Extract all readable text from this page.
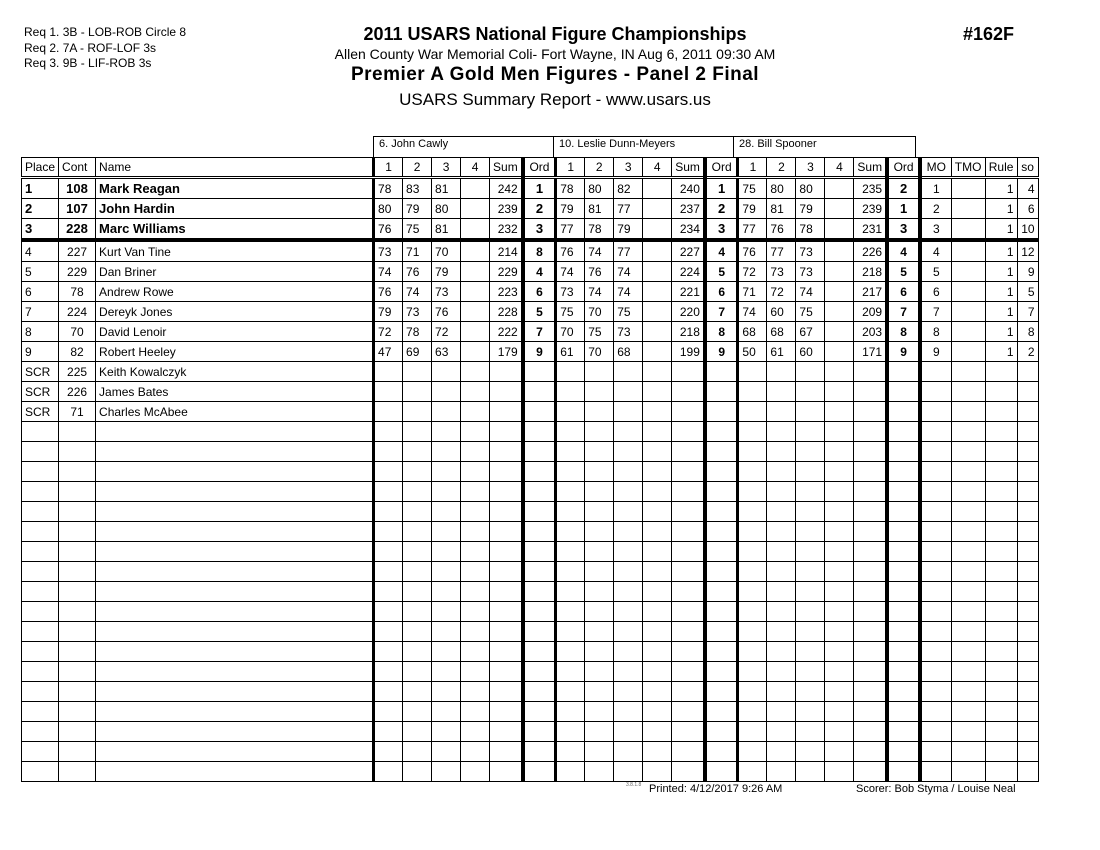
Req 1. 3B - LOB-ROB Circle 8
Req 2. 7A - ROF-LOF 3s
Req 3. 9B - LIF-ROB 3s
2011 USARS National Figure Championships
Allen County War Memorial Coli- Fort Wayne, IN Aug 6, 2011 09:30 AM
Premier A Gold Men Figures - Panel 2 Final
USARS Summary Report - www.usars.us
#162F
6. John Cawly	10. Leslie Dunn-Meyers	28. Bill Spooner
Place	Cont	Name	1	2	3	4	Sum	Ord	1	2	3	4	Sum	Ord	1	2	3	4	Sum	Ord	MO	TMO	Rule	so
1	108	Mark Reagan	78	83	81		242	1	78	80	82		240	1	75	80	80		235	2	1		1	4
2	107	John Hardin	80	79	80		239	2	79	81	77		237	2	79	81	79		239	1	2		1	6
3	228	Marc Williams	76	75	81		232	3	77	78	79		234	3	77	76	78		231	3	3		1	10
4	227	Kurt Van Tine	73	71	70		214	8	76	74	77		227	4	76	77	73		226	4	4		1	12
5	229	Dan Briner	74	76	79		229	4	74	76	74		224	5	72	73	73		218	5	5		1	9
6	78	Andrew Rowe	76	74	73		223	6	73	74	74		221	6	71	72	74		217	6	6		1	5
7	224	Dereyk Jones	79	73	76		228	5	75	70	75		220	7	74	60	75		209	7	7		1	7
8	70	David Lenoir	72	78	72		222	7	70	75	73		218	8	68	68	67		203	8	8		1	8
9	82	Robert Heeley	47	69	63		179	9	61	70	68		199	9	50	61	60		171	9	9		1	2
SCR	225	Keith Kowalczyk																						
SCR	226	James Bates																						
SCR	71	Charles McAbee																						

3.8.1.8 Printed: 4/12/2017 9:26 AM	Scorer: Bob Styma / Louise Neal
